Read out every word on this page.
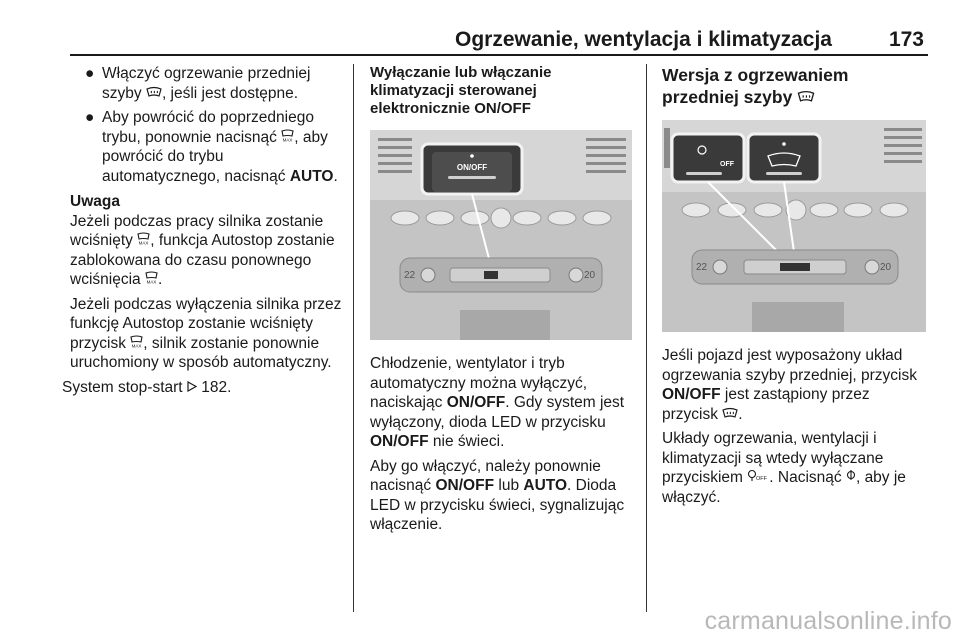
Ogrzewanie, wentylacja i klimatyzacja	173
● Włączyć ogrzewanie przedniej szyby , jeśli jest dostępne.
● Aby powrócić do poprzedniego trybu, ponownie nacisnąć MAX , aby powrócić do trybu automatycznego, nacisnąć AUTO.
Uwaga
Jeżeli podczas pracy silnika zostanie wciśnięty MAX , funkcja Autostop zostanie zablokowana do czasu ponownego wciśnięcia MAX .
Jeżeli podczas wyłączenia silnika przez funkcję Autostop zostanie wciśnięty przycisk MAX , silnik zostanie ponownie uruchomiony w sposób automatyczny.
System stop-start 182.
Wyłączanie lub włączanie klimatyzacji sterowanej elektronicznie ON/OFF
ON/OFF
22	20
Chłodzenie, wentylator i tryb automatyczny można wyłączyć, naciskając ON/OFF. Gdy system jest wyłączony, dioda LED w przycisku ON/OFF nie świeci.
Aby go włączyć, należy ponownie nacisnąć ON/OFF lub AUTO. Dioda LED w przycisku świeci, sygnalizując włączenie.
Wersja z ogrzewaniem przedniej szyby
OFF
22	20
Jeśli pojazd jest wyposażony układ ogrzewania szyby przedniej, przycisk ON/OFF jest zastąpiony przez przycisk .
Układy ogrzewania, wentylacji i klimatyzacji są wtedy wyłączane przyciskiem OFF . Nacisnąć , aby je włączyć.
carmanualsonline.info
